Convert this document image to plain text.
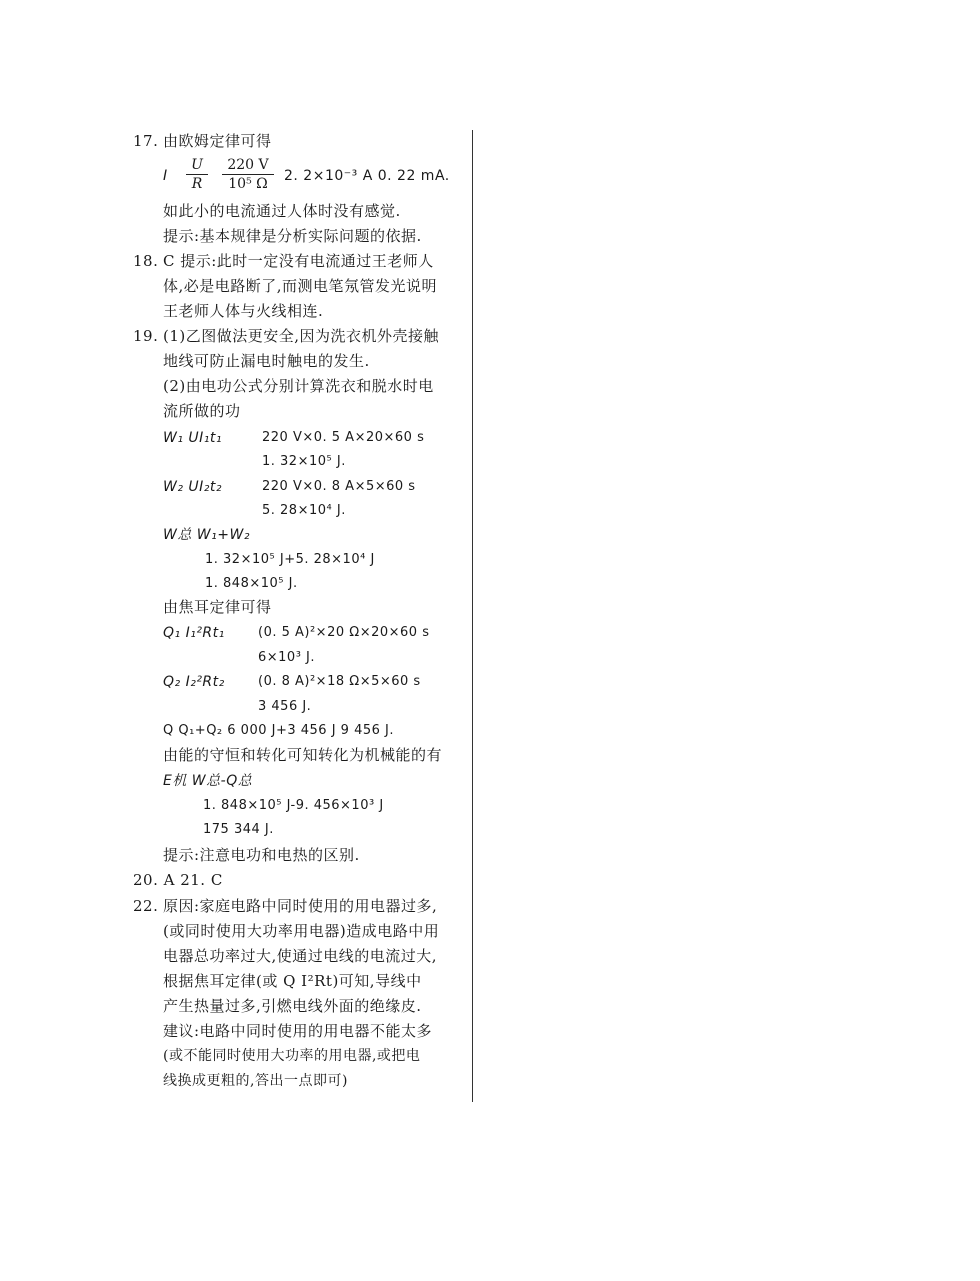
17. 由欧姆定律可得
I
U
R
220 V
10⁵ Ω	2. 2×10⁻³ A 0. 22 mA.
如此小的电流通过人体时没有感觉.
提示:基本规律是分析实际问题的依据.
18. C 提示:此时一定没有电流通过王老师人
体,必是电路断了,而测电笔氖管发光说明
王老师人体与火线相连.
19. (1)乙图做法更安全,因为洗衣机外壳接触
地线可防止漏电时触电的发生.
(2)由电功公式分别计算洗衣和脱水时电
流所做的功
W₁ UI₁t₁	220 V×0. 5 A×20×60 s
1. 32×10⁵ J.
W₂ UI₂t₂	220 V×0. 8 A×5×60 s
5. 28×10⁴ J.
W总 W₁+W₂
1. 32×10⁵ J+5. 28×10⁴ J
1. 848×10⁵ J.
由焦耳定律可得
Q₁ I₁²Rt₁	(0. 5 A)²×20 Ω×20×60 s
6×10³ J.
Q₂ I₂²Rt₂	(0. 8 A)²×18 Ω×5×60 s
3 456 J.
Q Q₁+Q₂ 6 000 J+3 456 J 9 456 J.
由能的守恒和转化可知转化为机械能的有
E机 W总-Q总
1. 848×10⁵ J-9. 456×10³ J
175 344 J.
提示:注意电功和电热的区别.
20. A 21. C
22. 原因:家庭电路中同时使用的用电器过多,
(或同时使用大功率用电器)造成电路中用
电器总功率过大,使通过电线的电流过大,
根据焦耳定律(或 Q I²Rt)可知,导线中
产生热量过多,引燃电线外面的绝缘皮.
建议:电路中同时使用的用电器不能太多
(或不能同时使用大功率的用电器,或把电
线换成更粗的,答出一点即可)
